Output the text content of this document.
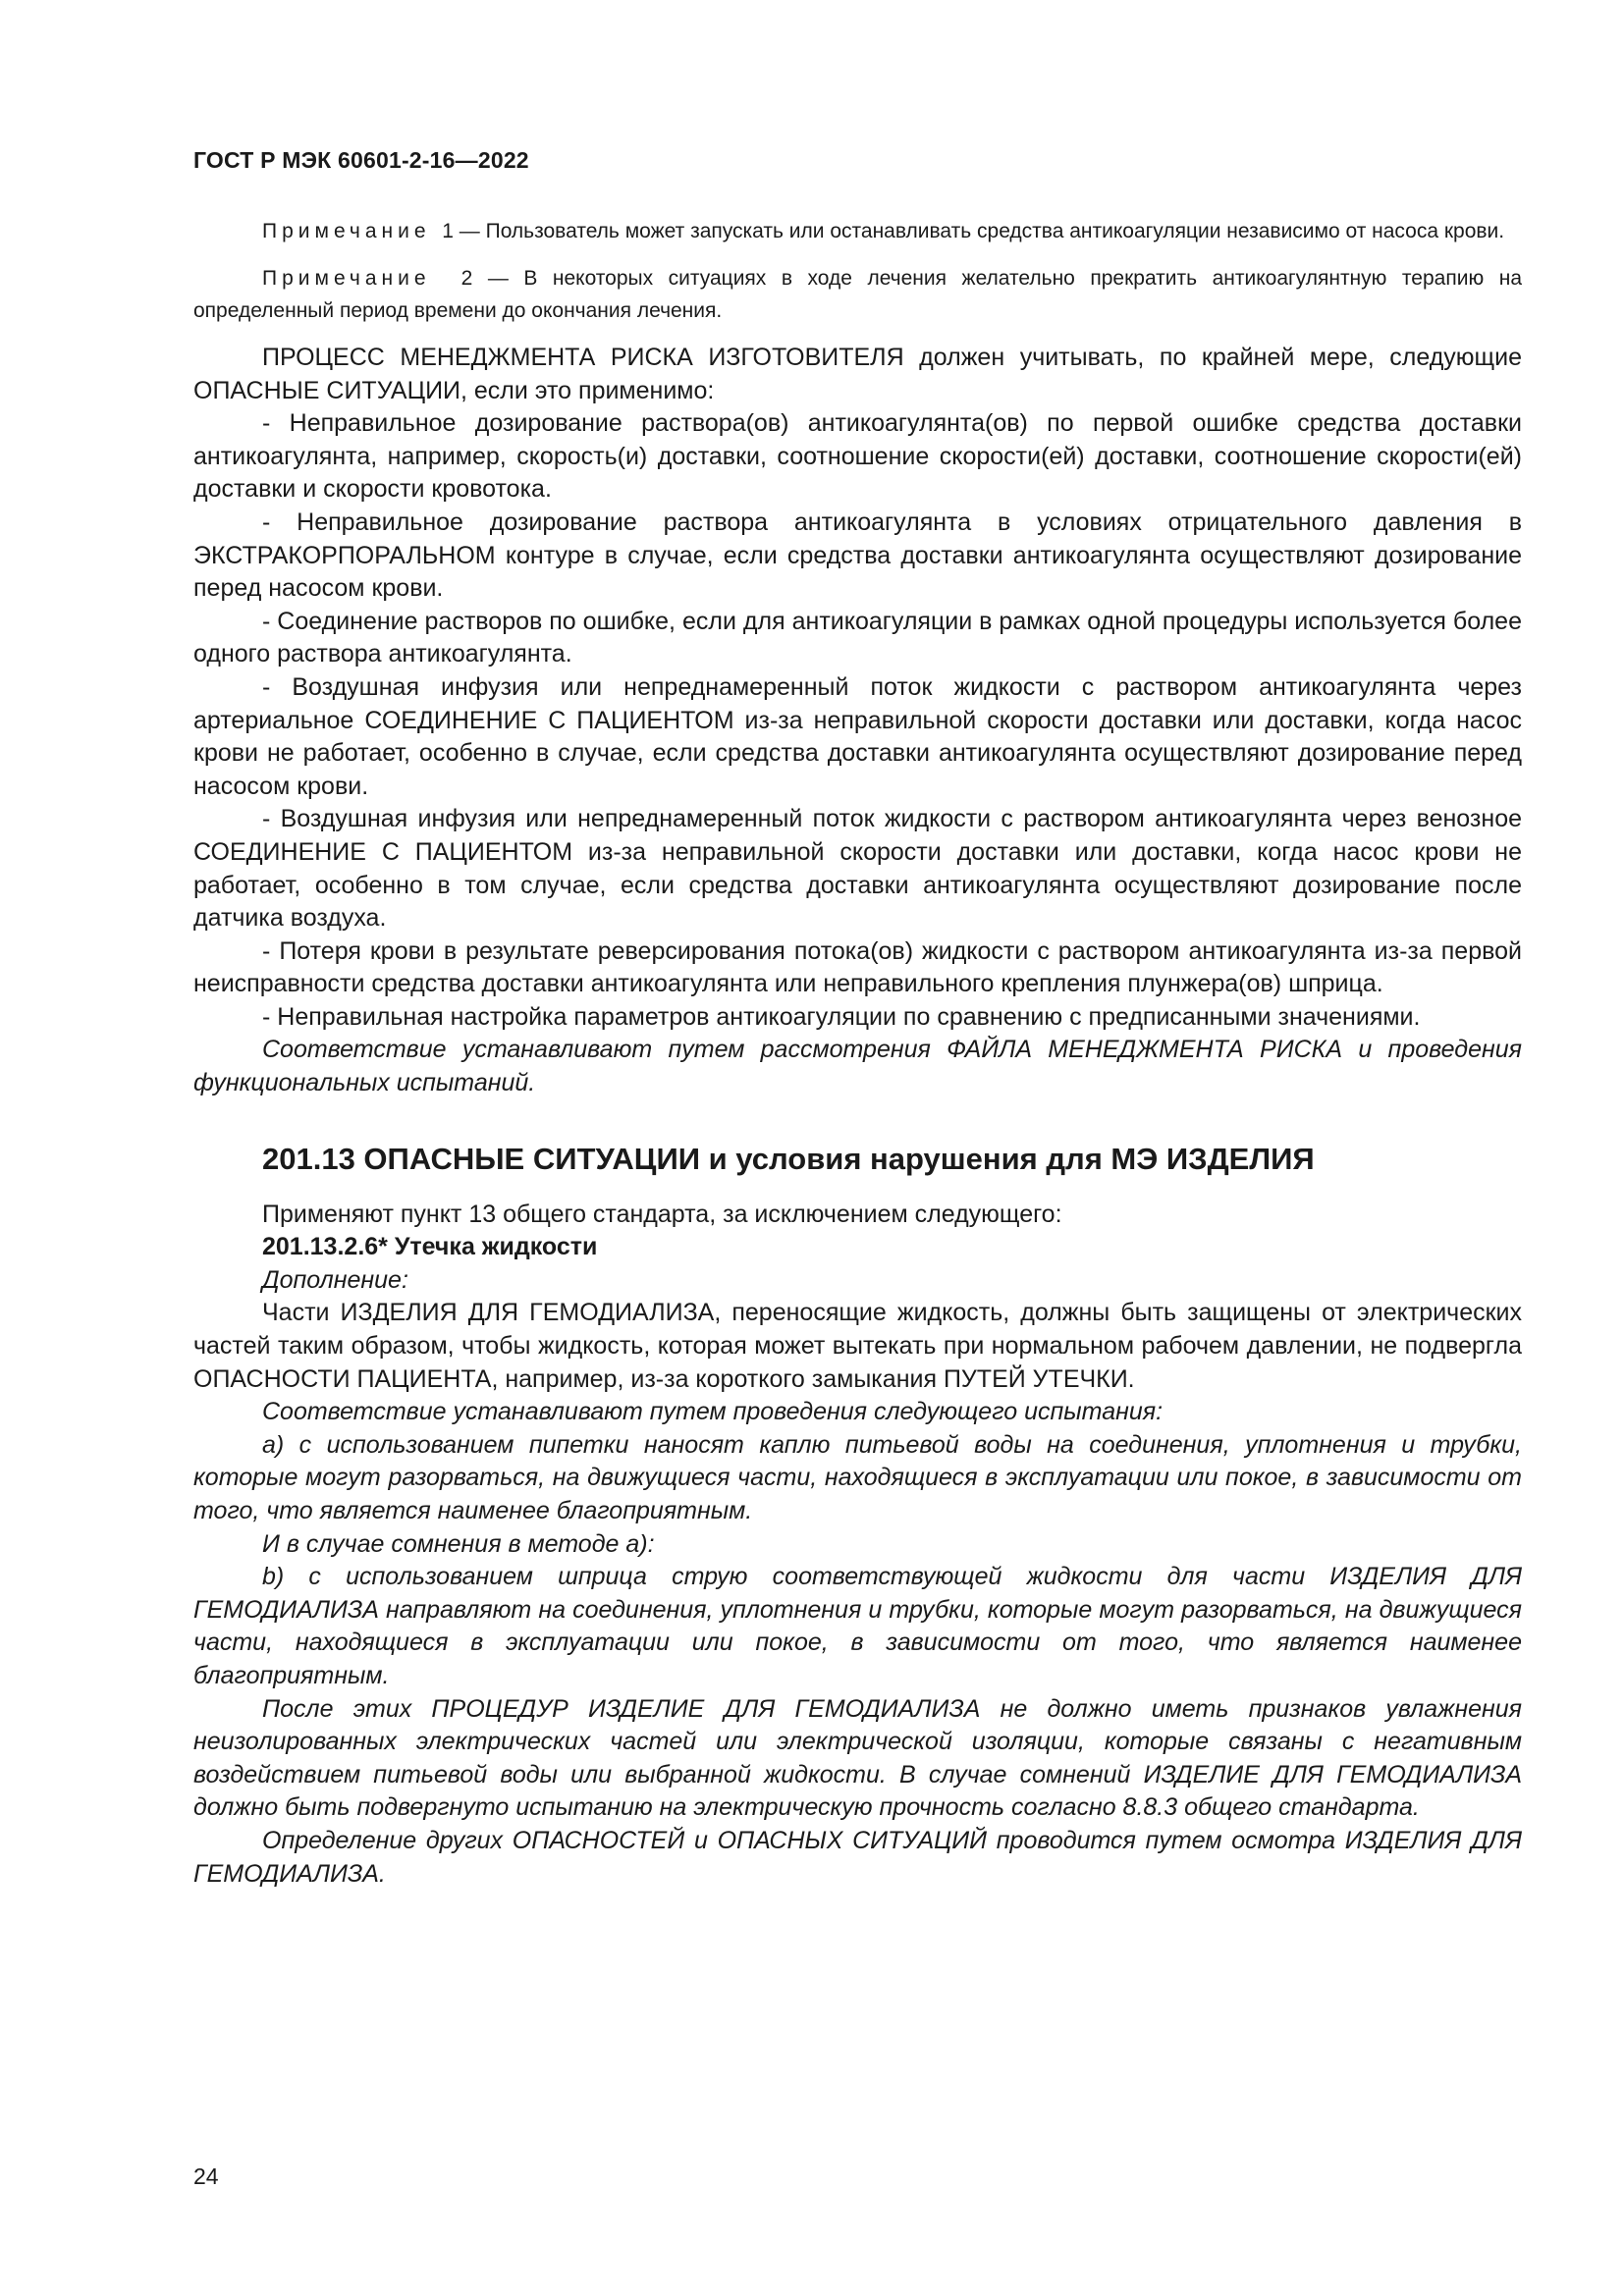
ГОСТ Р МЭК 60601-2-16—2022

Примечание 1 — Пользователь может запускать или останавливать средства антикоагуляции независимо от насоса крови.

Примечание 2 — В некоторых ситуациях в ходе лечения желательно прекратить антикоагулянтную терапию на определенный период времени до окончания лечения.

ПРОЦЕСС МЕНЕДЖМЕНТА РИСКА ИЗГОТОВИТЕЛЯ должен учитывать, по крайней мере, следующие ОПАСНЫЕ СИТУАЦИИ, если это применимо:

- Неправильное дозирование раствора(ов) антикоагулянта(ов) по первой ошибке средства доставки антикоагулянта, например, скорость(и) доставки, соотношение скорости(ей) доставки, соотношение скорости(ей) доставки и скорости кровотока.

- Неправильное дозирование раствора антикоагулянта в условиях отрицательного давления в ЭКСТРАКОРПОРАЛЬНОМ контуре в случае, если средства доставки антикоагулянта осуществляют дозирование перед насосом крови.

- Соединение растворов по ошибке, если для антикоагуляции в рамках одной процедуры используется более одного раствора антикоагулянта.

- Воздушная инфузия или непреднамеренный поток жидкости с раствором антикоагулянта через артериальное СОЕДИНЕНИЕ С ПАЦИЕНТОМ из-за неправильной скорости доставки или доставки, когда насос крови не работает, особенно в случае, если средства доставки антикоагулянта осуществляют дозирование перед насосом крови.

- Воздушная инфузия или непреднамеренный поток жидкости с раствором антикоагулянта через венозное СОЕДИНЕНИЕ С ПАЦИЕНТОМ из-за неправильной скорости доставки или доставки, когда насос крови не работает, особенно в том случае, если средства доставки антикоагулянта осуществляют дозирование после датчика воздуха.

- Потеря крови в результате реверсирования потока(ов) жидкости с раствором антикоагулянта из-за первой неисправности средства доставки антикоагулянта или неправильного крепления плунжера(ов) шприца.

- Неправильная настройка параметров антикоагуляции по сравнению с предписанными значениями.

Соответствие устанавливают путем рассмотрения ФАЙЛА МЕНЕДЖМЕНТА РИСКА и проведения функциональных испытаний.

201.13 ОПАСНЫЕ СИТУАЦИИ и условия нарушения для МЭ ИЗДЕЛИЯ

Применяют пункт 13 общего стандарта, за исключением следующего:

201.13.2.6* Утечка жидкости

Дополнение:

Части ИЗДЕЛИЯ ДЛЯ ГЕМОДИАЛИЗА, переносящие жидкость, должны быть защищены от электрических частей таким образом, чтобы жидкость, которая может вытекать при нормальном рабочем давлении, не подвергла ОПАСНОСТИ ПАЦИЕНТА, например, из-за короткого замыкания ПУТЕЙ УТЕЧКИ.

Соответствие устанавливают путем проведения следующего испытания:

а) с использованием пипетки наносят каплю питьевой воды на соединения, уплотнения и трубки, которые могут разорваться, на движущиеся части, находящиеся в эксплуатации или покое, в зависимости от того, что является наименее благоприятным.

И в случае сомнения в методе а):

b) с использованием шприца струю соответствующей жидкости для части ИЗДЕЛИЯ ДЛЯ ГЕМОДИАЛИЗА направляют на соединения, уплотнения и трубки, которые могут разорваться, на движущиеся части, находящиеся в эксплуатации или покое, в зависимости от того, что является наименее благоприятным.

После этих ПРОЦЕДУР ИЗДЕЛИЕ ДЛЯ ГЕМОДИАЛИЗА не должно иметь признаков увлажнения неизолированных электрических частей или электрической изоляции, которые связаны с негативным воздействием питьевой воды или выбранной жидкости. В случае сомнений ИЗДЕЛИЕ ДЛЯ ГЕМОДИАЛИЗА должно быть подвергнуто испытанию на электрическую прочность согласно 8.8.3 общего стандарта.

Определение других ОПАСНОСТЕЙ и ОПАСНЫХ СИТУАЦИЙ проводится путем осмотра ИЗДЕЛИЯ ДЛЯ ГЕМОДИАЛИЗА.

24
